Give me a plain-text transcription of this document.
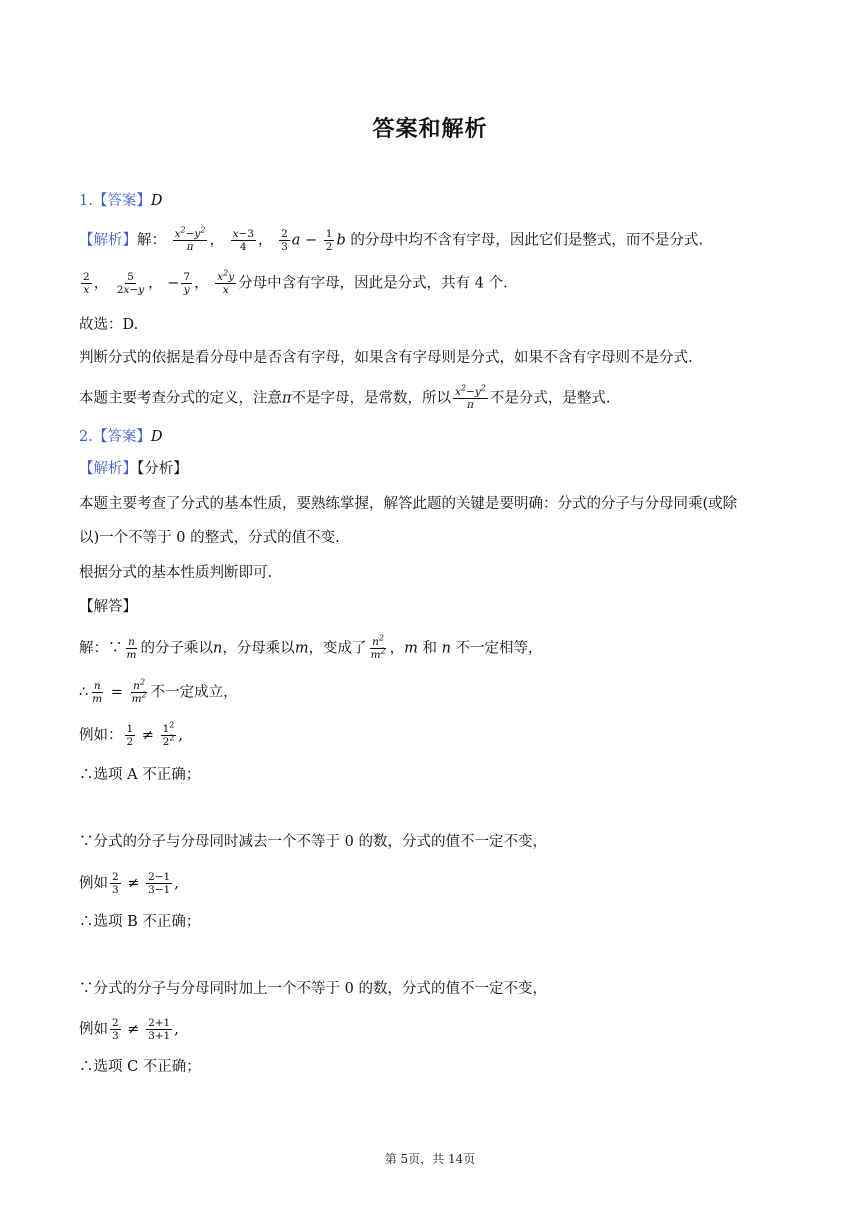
答案和解析
1.【答案】D
【解析】解： $\frac{x^2-y^2}{\pi}$ ， $\frac{x-3}{4}$ ， $\frac{2}{3}$ $a - \frac{1}{2}$ b 的分母中均不含有字母，因此它们是整式，而不是分式.
$\frac{2}{x}$ ， $\frac{5}{2x-y}$ ， − $\frac{7}{y}$ ， $\frac{x^2y}{x}$ 分母中含有字母，因此是分式，共有 4 个.
故选：D.
判断分式的依据是看分母中是否含有字母，如果含有字母则是分式，如果不含有字母则不是分式.
本题主要考查分式的定义，注意π不是字母，是常数，所以 $\frac{x^2-y^2}{\pi}$ 不是分式，是整式.
2.【答案】D
【解析】【分析】
本题主要考查了分式的基本性质，要熟练掌握，解答此题的关键是要明确：分式的分子与分母同乘(或除
以)一个不等于 0 的整式，分式的值不变.
根据分式的基本性质判断即可.
【解答】
解：∵ $\frac{n}{m}$ 的分子乘以n，分母乘以m，变成了 $\frac{n^2}{m^2}$ ，m 和 n 不一定相等，
∴ $\frac{n}{m} = \frac{n^2}{m^2}$ 不一定成立，
例如： $\frac{1}{2} \ne \frac{1^2}{2^2}$ ,
∴选项 A 不正确；
∵分式的分子与分母同时减去一个不等于 0 的数，分式的值不一定不变，
例如 $\frac{2}{3} \ne \frac{2-1}{3-1}$ ,
∴选项 B 不正确；
∵分式的分子与分母同时加上一个不等于 0 的数，分式的值不一定不变，
例如 $\frac{2}{3} \ne \frac{2+1}{3+1}$ ,
∴选项 C 不正确；
第 5页，共 14页
